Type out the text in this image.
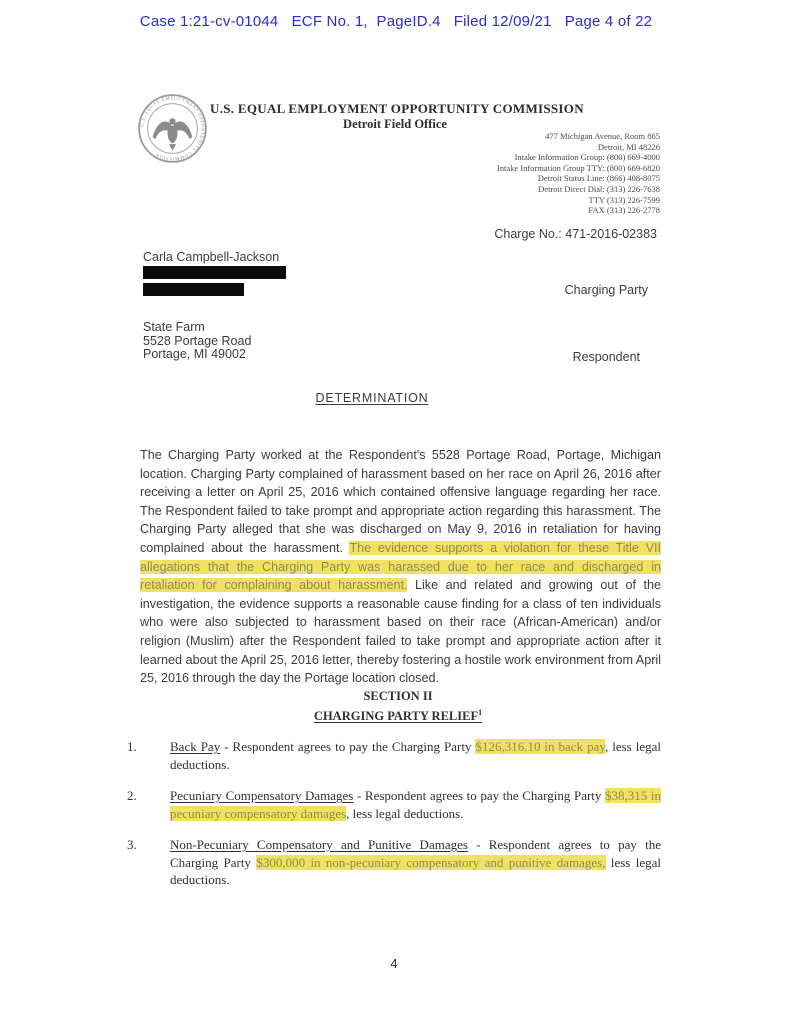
Case 1:21-cv-01044   ECF No. 1,  PageID.4   Filed 12/09/21   Page 4 of 22
U.S. EQUAL EMPLOYMENT OPPORTUNITY COMMISSION
U.S. EQUAL EMPLOYMENT OPPORTUNITY COMMISSION
Detroit Field Office
477 Michigan Avenue, Room 865
Detroit, MI 48226
Intake Information Group: (800) 669-4000
Intake Information Group TTY: (800) 669-6820
Detroit Status Line: (866) 408-8075
Detroit Direct Dial: (313) 226-7638
TTY (313) 226-7599
FAX (313) 226-2778
Charge No.: 471-2016-02383
Carla Campbell-Jackson
Charging Party
State Farm
5528 Portage Road
Portage, MI 49002	Respondent
DETERMINATION
The Charging Party worked at the Respondent's 5528 Portage Road, Portage, Michigan location. Charging Party complained of harassment based on her race on April 26, 2016 after receiving a letter on April 25, 2016 which contained offensive language regarding her race. The Respondent failed to take prompt and appropriate action regarding this harassment. The Charging Party alleged that she was discharged on May 9, 2016 in retaliation for having complained about the harassment. The evidence supports a violation for these Title VII allegations that the Charging Party was harassed due to her race and discharged in retaliation for complaining about harassment. Like and related and growing out of the investigation, the evidence supports a reasonable cause finding for a class of ten individuals who were also subjected to harassment based on their race (African-American) and/or religion (Muslim) after the Respondent failed to take prompt and appropriate action after it learned about the April 25, 2016 letter, thereby fostering a hostile work environment from April 25, 2016 through the day the Portage location closed.
SECTION II
CHARGING PARTY RELIEF$^1$
1.	Back Pay - Respondent agrees to pay the Charging Party $126,316.10 in back pay, less legal deductions.
2.	Pecuniary Compensatory Damages - Respondent agrees to pay the Charging Party $38,315 in pecuniary compensatory damages, less legal deductions.
3.	Non-Pecuniary Compensatory and Punitive Damages - Respondent agrees to pay the Charging Party $300,000 in non-pecuniary compensatory and punitive damages, less legal deductions.
4
